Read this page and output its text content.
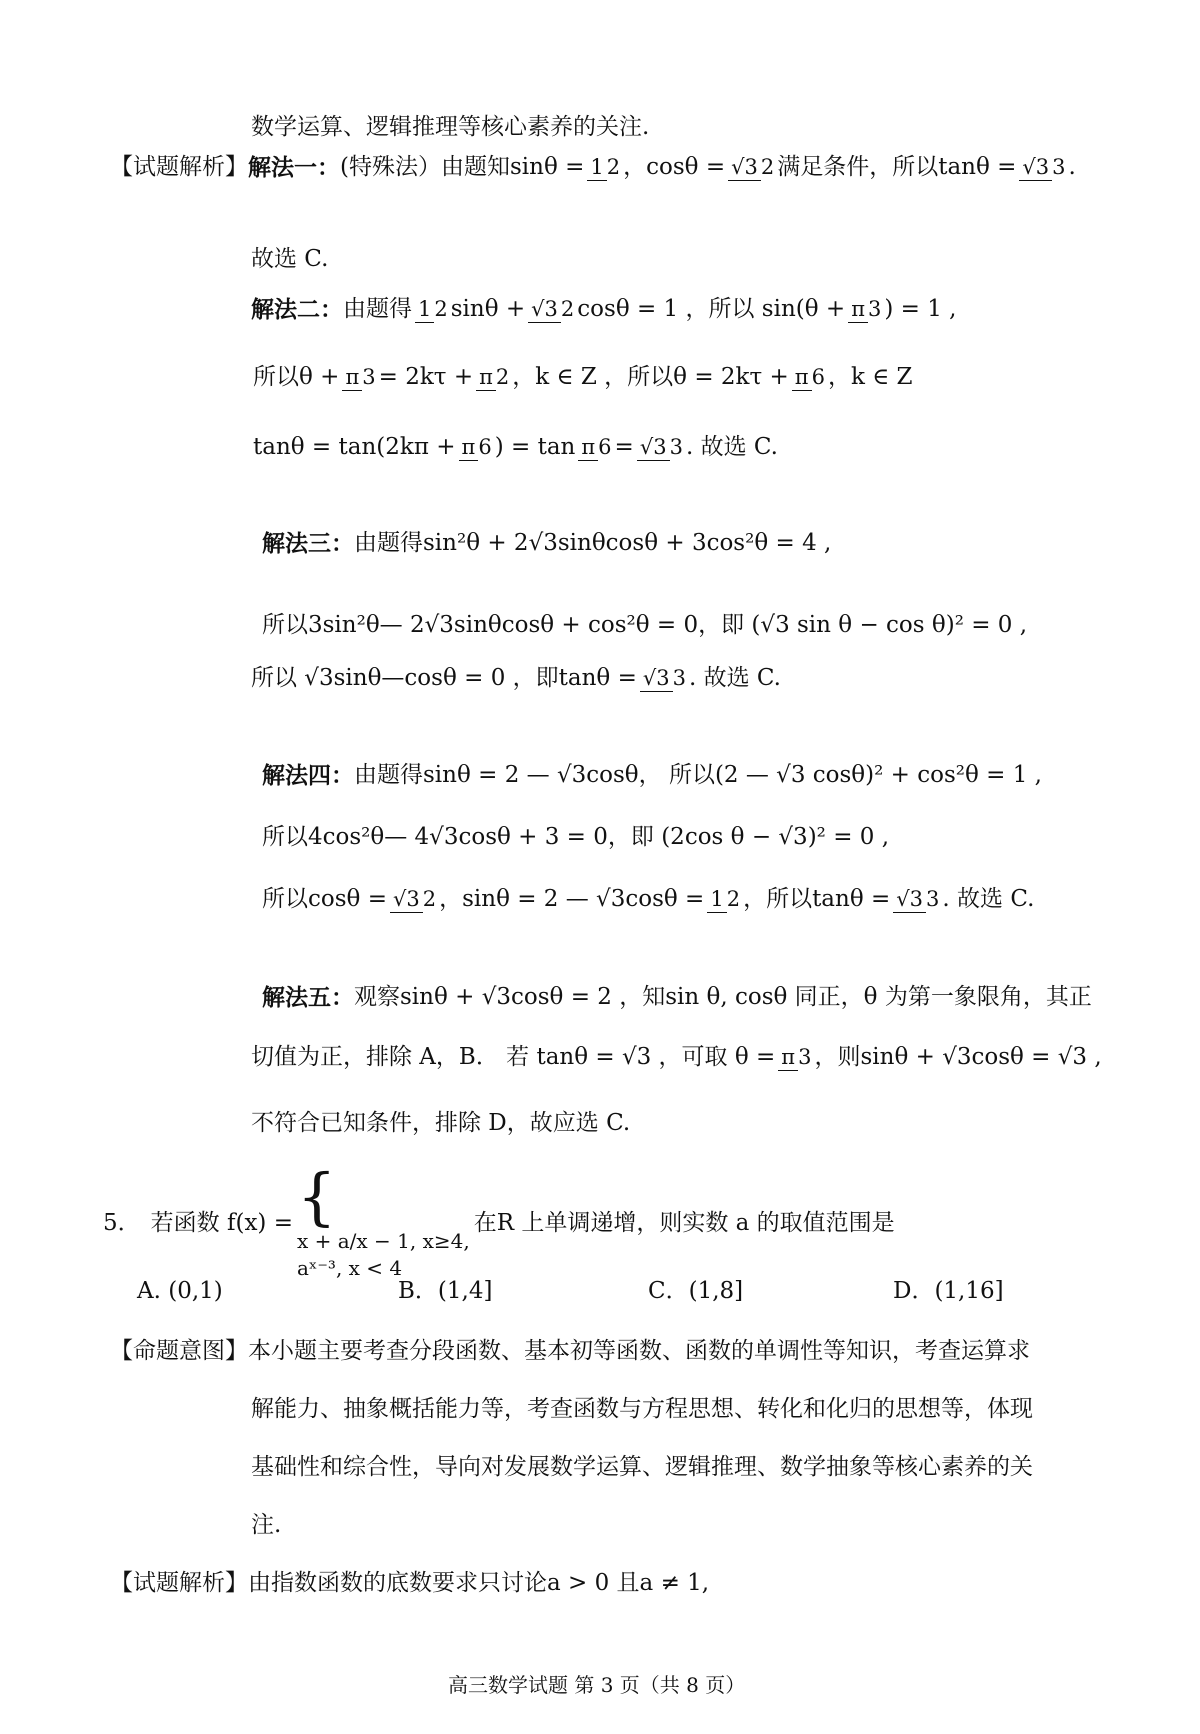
数学运算、逻辑推理等核心素养的关注.
【试题解析】 解法一： (特殊法）由题知sinθ = 1 2 ，cosθ = √3 2 满足条件，所以tanθ = √3 3 .
故选 C.
解法二： 由题得 1 2 sinθ + √3 2 cosθ = 1 ，所以 sin(θ + π 3 ) = 1 ,
所以θ + π 3 = 2kτ + π 2 ，k ∈ Z ，所以θ = 2kτ + π 6 ，k ∈ Z
tanθ = tan(2kπ + π 6 ) = tan π 6 = √3 3 . 故选 C.
解法三： 由题得sin²θ + 2√3sinθcosθ + 3cos²θ = 4 ,
所以3sin²θ— 2√3sinθcosθ + cos²θ = 0，即 (√3 sin θ − cos θ)² = 0 ,
所以 √3sinθ—cosθ = 0 ，即tanθ = √3 3 . 故选 C.
解法四： 由题得sinθ = 2 — √3cosθ， 所以(2 — √3 cosθ)² + cos²θ = 1 ,
所以4cos²θ— 4√3cosθ + 3 = 0，即 (2cos θ − √3)² = 0 ,
所以cosθ = √3 2 ，sinθ = 2 — √3cosθ = 1 2 ，所以tanθ = √3 3 . 故选 C.
解法五： 观察sinθ + √3cosθ = 2 ，知sin θ, cosθ 同正，θ 为第一象限角，其正
切值为正，排除 A，B． 若 tanθ = √3 ，可取 θ = π 3 ，则sinθ + √3cosθ = √3 ,
不符合已知条件，排除 D，故应选 C.
5． 若函数 f(x) = {
x + a/x − 1, x≥4,
aˣ⁻³, x < 4
在R 上单调递增，则实数 a 的取值范围是
A. (0,1)	B．(1,4]	C．(1,8]	D．(1,16]
【命题意图】 本小题主要考查分段函数、基本初等函数、函数的单调性等知识，考查运算求
解能力、抽象概括能力等，考查函数与方程思想、转化和化归的思想等，体现
基础性和综合性，导向对发展数学运算、逻辑推理、数学抽象等核心素养的关
注.
【试题解析】 由指数函数的底数要求只讨论a > 0 且a ≠ 1,
高三数学试题 第 3 页（共 8 页）
